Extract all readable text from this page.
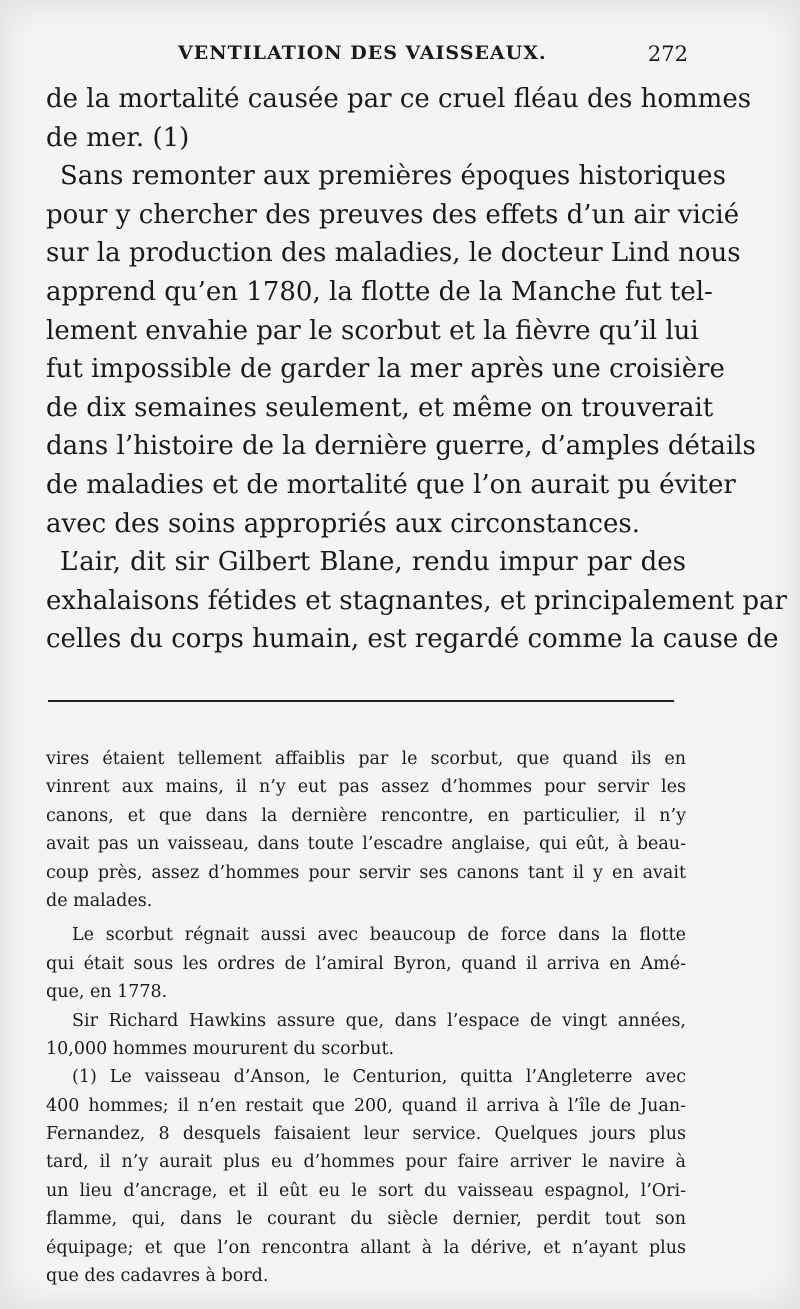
VENTILATION DES VAISSEAUX.	272
de la mortalité causée par ce cruel fléau des hommes
de mer. (1)
Sans remonter aux premières époques historiques
pour y chercher des preuves des effets d’un air vicié
sur la production des maladies, le docteur Lind nous
apprend qu’en 1780, la flotte de la Manche fut tel-
lement envahie par le scorbut et la fièvre qu’il lui
fut impossible de garder la mer après une croisière
de dix semaines seulement, et même on trouverait
dans l’histoire de la dernière guerre, d’amples détails
de maladies et de mortalité que l’on aurait pu éviter
avec des soins appropriés aux circonstances.
L’air, dit sir Gilbert Blane, rendu impur par des
exhalaisons fétides et stagnantes, et principalement par
celles du corps humain, est regardé comme la cause de
vires étaient tellement affaiblis par le scorbut, que quand ils en
vinrent aux mains, il n’y eut pas assez d’hommes pour servir les
canons, et que dans la dernière rencontre, en particulier, il n’y
avait pas un vaisseau, dans toute l’escadre anglaise, qui eût, à beau-
coup près, assez d’hommes pour servir ses canons tant il y en avait
de malades.
Le scorbut régnait aussi avec beaucoup de force dans la flotte
qui était sous les ordres de l’amiral Byron, quand il arriva en Amé-
que, en 1778.
Sir Richard Hawkins assure que, dans l’espace de vingt années,
10,000 hommes moururent du scorbut.
(1) Le vaisseau d’Anson, le Centurion, quitta l’Angleterre avec
400 hommes; il n’en restait que 200, quand il arriva à l’île de Juan-
Fernandez, 8 desquels faisaient leur service. Quelques jours plus
tard, il n’y aurait plus eu d’hommes pour faire arriver le navire à
un lieu d’ancrage, et il eût eu le sort du vaisseau espagnol, l’Ori-
flamme, qui, dans le courant du siècle dernier, perdit tout son
équipage; et que l’on rencontra allant à la dérive, et n’ayant plus
que des cadavres à bord.
